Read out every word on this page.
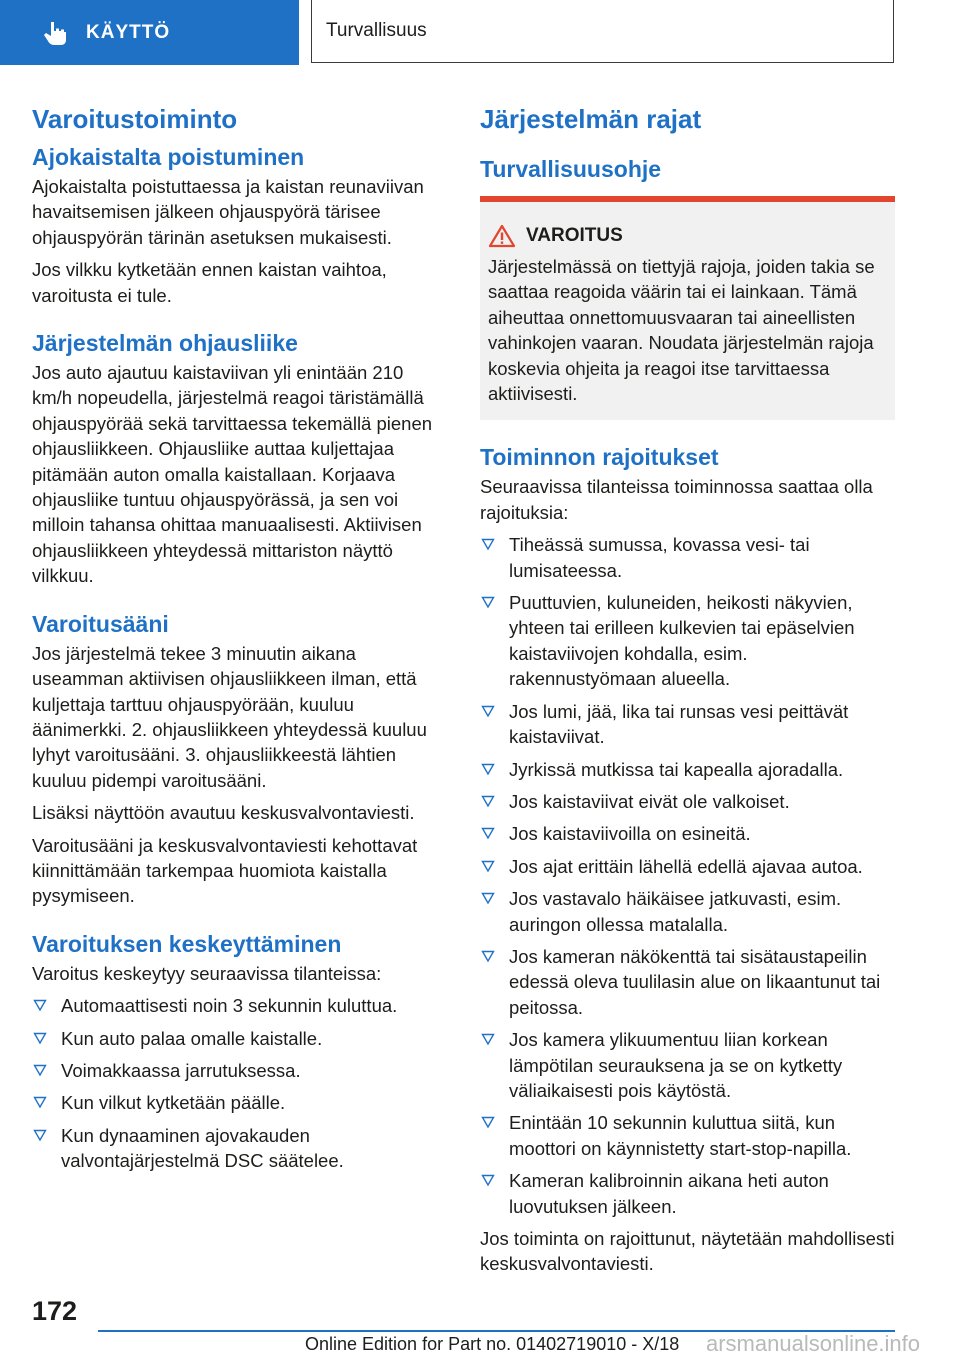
KÄYTTÖ	Turvallisuus
Varoitustoiminto
Ajokaistalta poistuminen

Ajokaistalta poistuttaessa ja kaistan reunaviivan havaitsemisen jälkeen ohjauspyörä tärisee ohjauspyörän tärinän asetuksen mukaisesti.

Jos vilkku kytketään ennen kaistan vaihtoa, varoitusta ei tule.

Järjestelmän ohjausliike

Jos auto ajautuu kaistaviivan yli enintään 210 km/h nopeudella, järjestelmä reagoi täristämällä ohjauspyörää sekä tarvittaessa tekemällä pienen ohjausliikkeen. Ohjausliike auttaa kuljettajaa pitämään auton omalla kaistallaan. Korjaava ohjausliike tuntuu ohjauspyörässä, ja sen voi milloin tahansa ohittaa manuaalisesti. Aktiivisen ohjausliikkeen yhteydessä mittariston näyttö vilkkuu.

Varoitusääni

Jos järjestelmä tekee 3 minuutin aikana useamman aktiivisen ohjausliikkeen ilman, että kuljettaja tarttuu ohjauspyörään, kuuluu äänimerkki. 2. ohjausliikkeen yhteydessä kuuluu lyhyt varoitusääni. 3. ohjausliikkeestä lähtien kuuluu pidempi varoitusääni.

Lisäksi näyttöön avautuu keskusvalvontaviesti.

Varoitusääni ja keskusvalvontaviesti kehottavat kiinnittämään tarkempaa huomiota kaistalla pysymiseen.

Varoituksen keskeyttäminen

Varoitus keskeytyy seuraavissa tilanteissa:

Automaattisesti noin 3 sekunnin kuluttua.
Kun auto palaa omalle kaistalle.
Voimakkaassa jarrutuksessa.
Kun vilkut kytketään päälle.
Kun dynaaminen ajovakauden valvontajärjestelmä DSC säätelee.
Järjestelmän rajat
Turvallisuusohje
VAROITUS

Järjestelmässä on tiettyjä rajoja, joiden takia se saattaa reagoida väärin tai ei lainkaan. Tämä aiheuttaa onnettomuusvaaran tai aineellisten vahinkojen vaaran. Noudata järjestelmän rajoja koskevia ohjeita ja reagoi itse tarvittaessa aktiivisesti.

Toiminnon rajoitukset

Seuraavissa tilanteissa toiminnossa saattaa olla rajoituksia:

Tiheässä sumussa, kovassa vesi- tai lumisateessa.
Puuttuvien, kuluneiden, heikosti näkyvien, yhteen tai erilleen kulkevien tai epäselvien kaistaviivojen kohdalla, esim. rakennustyömaan alueella.
Jos lumi, jää, lika tai runsas vesi peittävät kaistaviivat.
Jyrkissä mutkissa tai kapealla ajoradalla.
Jos kaistaviivat eivät ole valkoiset.
Jos kaistaviivoilla on esineitä.
Jos ajat erittäin lähellä edellä ajavaa autoa.
Jos vastavalo häikäisee jatkuvasti, esim. auringon ollessa matalalla.
Jos kameran näkökenttä tai sisätaustapeilin edessä oleva tuulilasin alue on likaantunut tai peitossa.
Jos kamera ylikuumentuu liian korkean lämpötilan seurauksena ja se on kytketty väliaikaisesti pois käytöstä.
Enintään 10 sekunnin kuluttua siitä, kun moottori on käynnistetty start-stop-napilla.
Kameran kalibroinnin aikana heti auton luovutuksen jälkeen.

Jos toiminta on rajoittunut, näytetään mahdollisesti keskusvalvontaviesti.

172
Online Edition for Part no. 01402719010 - X/18 arsmanualsonline.info
